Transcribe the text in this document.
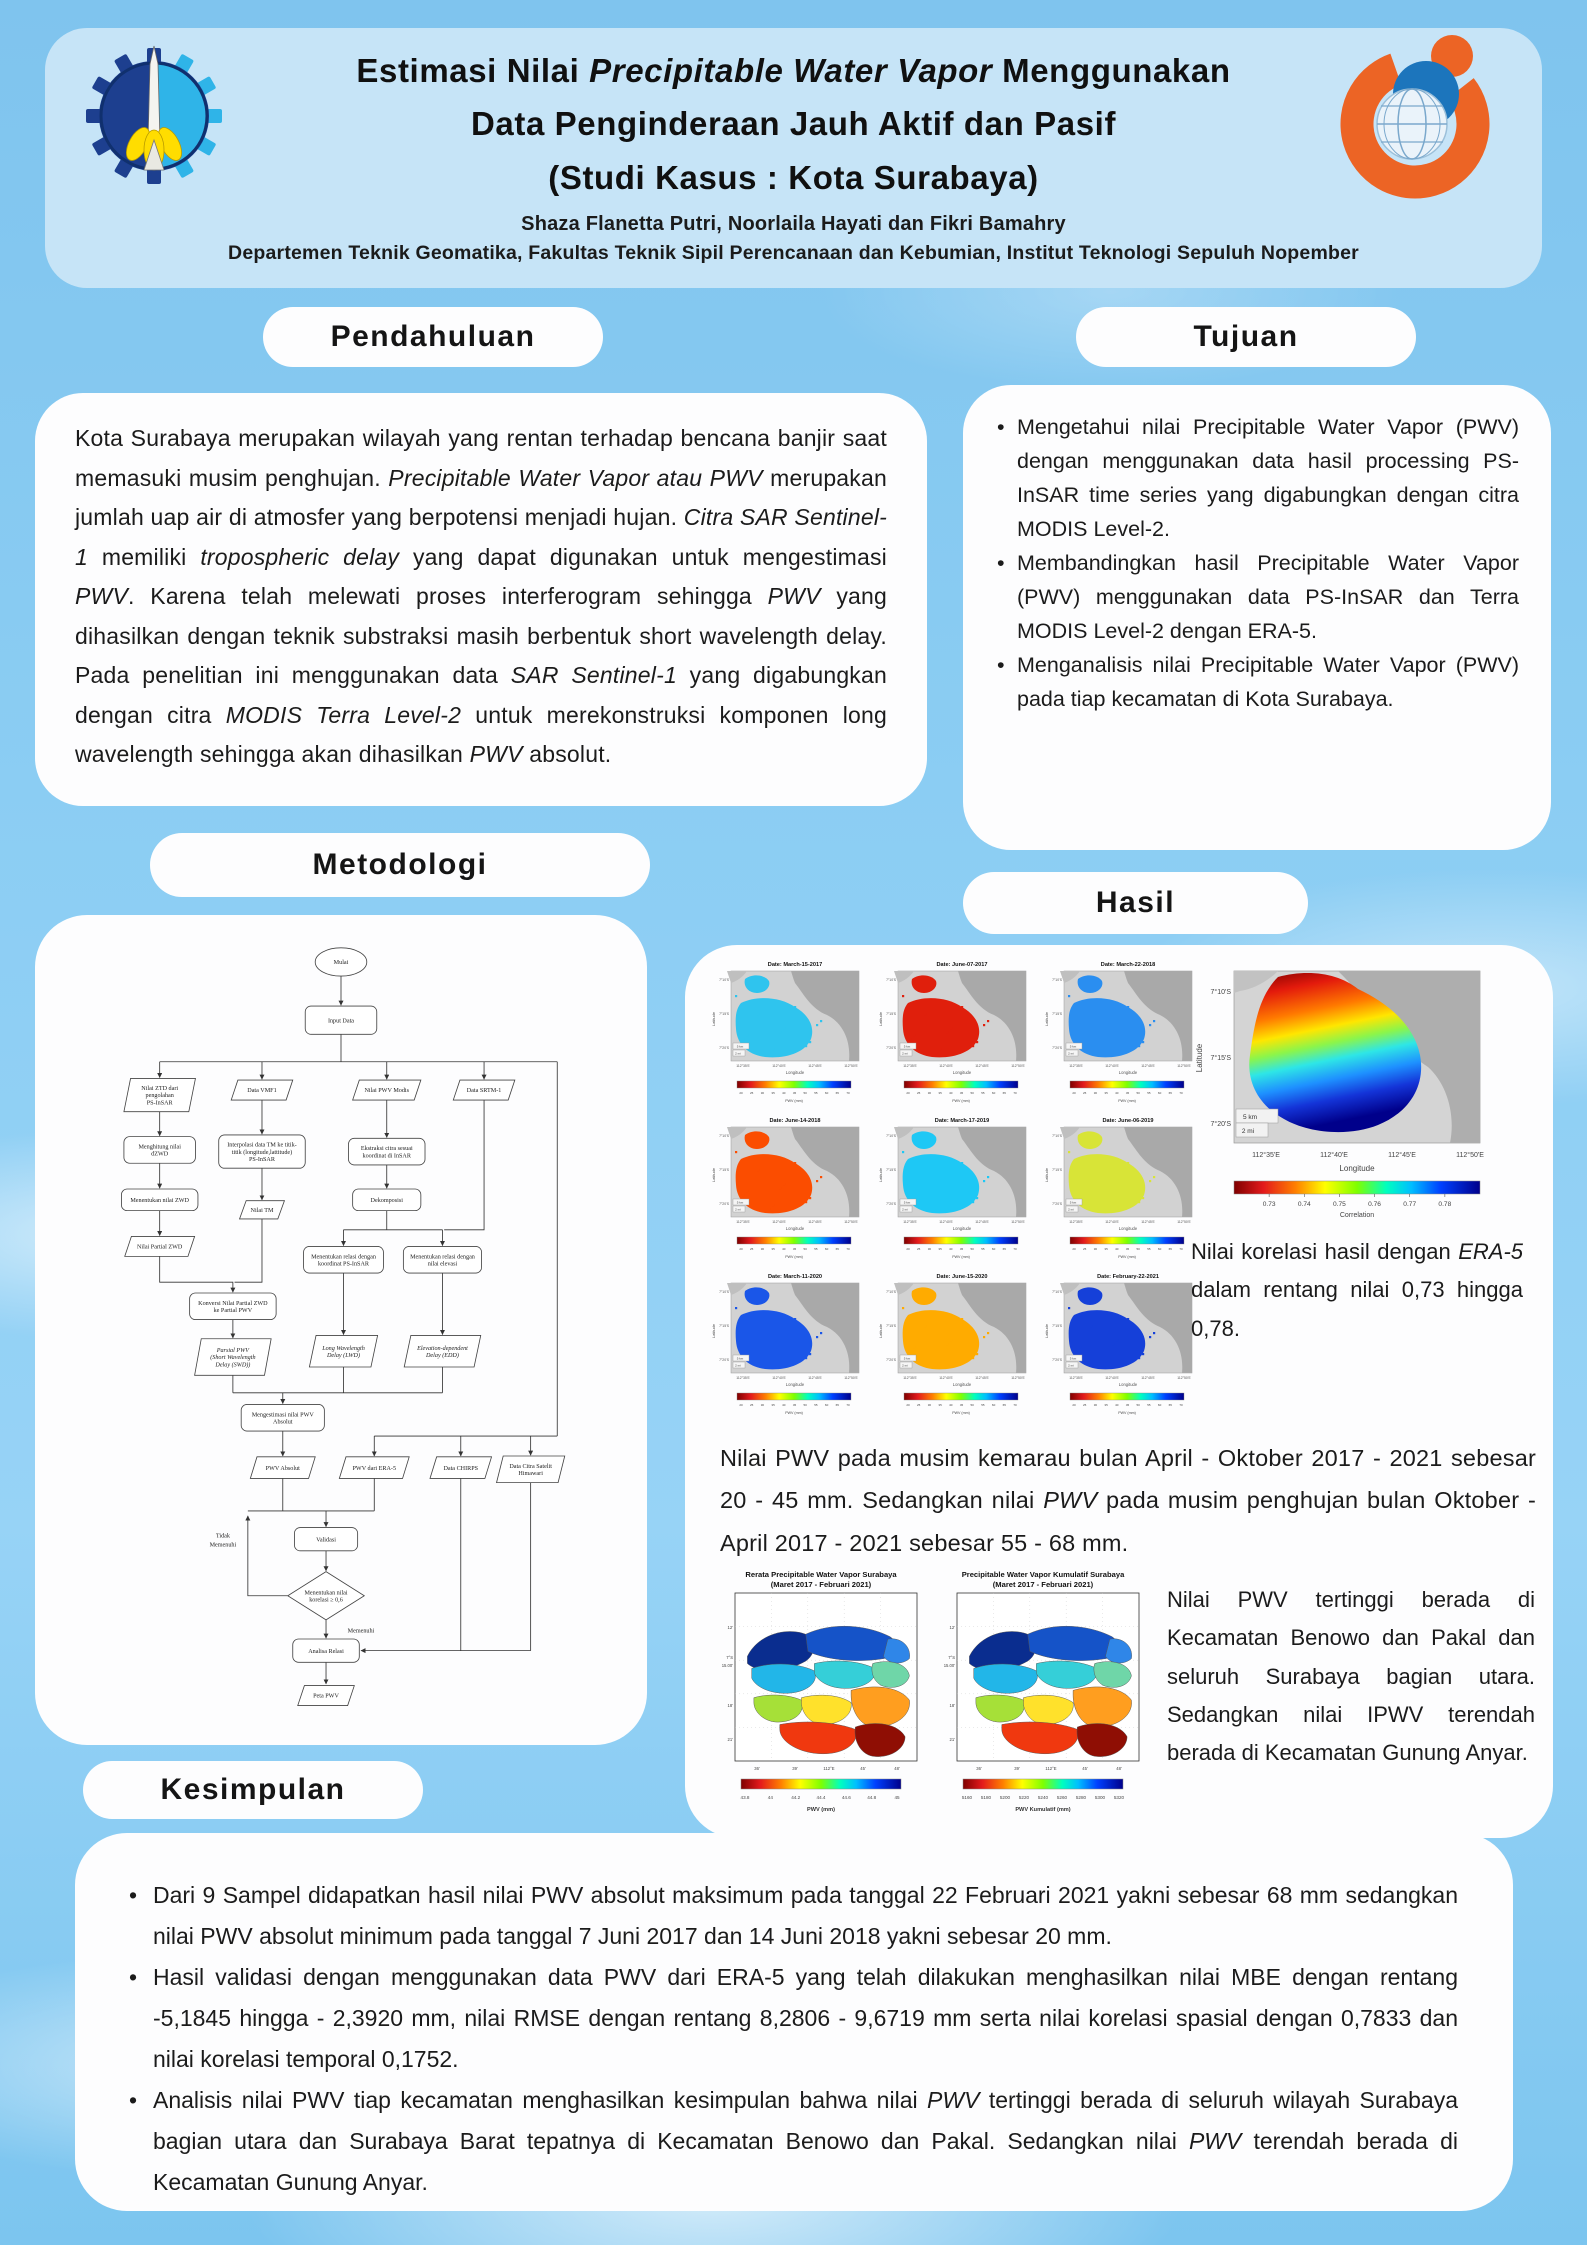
Estimasi Nilai Precipitable Water Vapor Menggunakan
Data Penginderaan Jauh Aktif dan Pasif
(Studi Kasus : Kota Surabaya)
Shaza Flanetta Putri, Noorlaila Hayati dan Fikri Bamahry
Departemen Teknik Geomatika, Fakultas Teknik Sipil Perencanaan dan Kebumian, Institut Teknologi Sepuluh Nopember
Pendahuluan	Tujuan
Kota Surabaya merupakan wilayah yang rentan terhadap bencana banjir saat memasuki musim penghujan. Precipitable Water Vapor atau PWV merupakan jumlah uap air di atmosfer yang berpotensi menjadi hujan. Citra SAR Sentinel-1 memiliki tropospheric delay yang dapat digunakan untuk mengestimasi PWV. Karena telah melewati proses interferogram sehingga PWV yang dihasilkan dengan teknik substraksi masih berbentuk short wavelength delay. Pada penelitian ini menggunakan data SAR Sentinel-1 yang digabungkan dengan citra MODIS Terra Level-2 untuk merekonstruksi komponen long wavelength sehingga akan dihasilkan PWV absolut.
• Mengetahui nilai Precipitable Water Vapor (PWV) dengan menggunakan data hasil processing PS-InSAR time series yang digabungkan dengan citra MODIS Level-2.
• Membandingkan hasil Precipitable Water Vapor (PWV) menggunakan data PS-InSAR dan Terra MODIS Level-2 dengan ERA-5.
• Menganalisis nilai Precipitable Water Vapor (PWV) pada tiap kecamatan di Kota Surabaya.
Metodologi
Mulai
Input Data
Nilai ZTD dari
pengolahan
PS-InSAR
Data VMF1	Nilai PWV Modis	Data SRTM-1
Menghitung nilai
dZWD
Menentukan nilai ZWD
Nilai Partial ZWD
Interpolasi data TM ke titik-
titik (longitude,lattitude)
PS-InSAR
Nilai TM
Ekstraksi citra sesuai
koordinat di InSAR
Dekomposisi
Menentukan relasi dengan
koordinat PS-InSAR
Menentukan relasi dengan
nilai elevasi
Konversi Nilai Partial ZWD
ke Partial PWV
Parsial PWV
(Short Wavelength
Delay (SWD))
Long Wavelength
Delay (LWD)
Elevation-dependent
Delay (EDD)
Mengestimasi nilai PWV
Absolut
PWV Absolut	PWV dari ERA-5	Data CHIRPS	Data Citra Satelit
Himawari
Validasi
Menentukan nilai
korelasi ≥ 0,6
Analisa Relasi
Peta PWV
Tidak
Memenuhi
Memenuhi
Hasil
Date: March-15-2017
7°10'S
7°15'S
7°20'S
Latitude
112°35'E	112°40'E	112°45'E	112°50'E
Longitude
5 km
2 mi
20 25 30 35 40 45 50 55 60 65 70
PWV (mm)
Date: June-07-2017
7°10'S
7°15'S
7°20'S
Latitude
112°35'E	112°40'E	112°45'E	112°50'E
Longitude
5 km
2 mi
20 25 30 35 40 45 50 55 60 65 70
PWV (mm)
Date: March-22-2018
7°10'S
7°15'S
7°20'S
Latitude
112°35'E	112°40'E	112°45'E	112°50'E
Longitude
5 km
2 mi
20 25 30 35 40 45 50 55 60 65 70
PWV (mm)
Date: June-14-2018
7°10'S
7°15'S
7°20'S
Latitude
112°35'E	112°40'E	112°45'E	112°50'E
Longitude
5 km
2 mi
20 25 30 35 40 45 50 55 60 65 70
PWV (mm)
Date: March-17-2019
7°10'S
7°15'S
7°20'S
Latitude
112°35'E	112°40'E	112°45'E	112°50'E
Longitude
5 km
2 mi
20 25 30 35 40 45 50 55 60 65 70
PWV (mm)
Date: June-06-2019
7°10'S
7°15'S
7°20'S
Latitude
112°35'E	112°40'E	112°45'E	112°50'E
Longitude
5 km
2 mi
20 25 30 35 40 45 50 55 60 65 70
PWV (mm)
Date: March-11-2020
7°10'S
7°15'S
7°20'S
Latitude
112°35'E	112°40'E	112°45'E	112°50'E
Longitude
5 km
2 mi
20 25 30 35 40 45 50 55 60 65 70
PWV (mm)
Date: June-15-2020
7°10'S
7°15'S
7°20'S
Latitude
112°35'E	112°40'E	112°45'E	112°50'E
Longitude
5 km
2 mi
20 25 30 35 40 45 50 55 60 65 70
PWV (mm)
Date: February-22-2021
7°10'S
7°15'S
7°20'S
Latitude
112°35'E	112°40'E	112°45'E	112°50'E
Longitude
5 km
2 mi
20 25 30 35 40 45 50 55 60 65 70
PWV (mm)
7°10'S
7°15'S
7°20'S
Latitude
112°35'E	112°40'E	112°45'E	112°50'E
Longitude
5 km
2 mi
0.73	0.74	0.75	0.76	0.77	0.78
Correlation
Nilai korelasi hasil dengan ERA-5 dalam rentang nilai 0,73 hingga 0,78.
Nilai PWV pada musim kemarau bulan April - Oktober 2017 - 2021 sebesar 20 - 45 mm. Sedangkan nilai PWV pada musim penghujan bulan Oktober - April 2017 - 2021 sebesar 55 - 68 mm.
Rerata Precipitable Water Vapor Surabaya
(Maret 2017 - Februari 2021)
12'
7°S
15.00'
18'
21'
36'	39'	112°E	45'	48'
43.8	44	44.2	44.4	44.6	44.8	45
PWV (mm)
Precipitable Water Vapor Kumulatif Surabaya
(Maret 2017 - Februari 2021)
12'
7°S
15.00'
18'
21'
36'	39'	112°E	45'	48'
5160 5180 5200 5220 5240 5260 5280 5300 5320
PWV Kumulatif (mm)
Nilai PWV tertinggi berada di Kecamatan Benowo dan Pakal dan seluruh Surabaya bagian utara. Sedangkan nilai IPWV terendah berada di Kecamatan Gunung Anyar.
Kesimpulan
• Dari 9 Sampel didapatkan hasil nilai PWV absolut maksimum pada tanggal 22 Februari 2021 yakni sebesar 68 mm sedangkan nilai PWV absolut minimum pada tanggal 7 Juni 2017 dan 14 Juni 2018 yakni sebesar 20 mm.
• Hasil validasi dengan menggunakan data PWV dari ERA-5 yang telah dilakukan menghasilkan nilai MBE dengan rentang -5,1845 hingga - 2,3920 mm, nilai RMSE dengan rentang 8,2806 - 9,6719 mm serta nilai korelasi spasial dengan 0,7833 dan nilai korelasi temporal 0,1752.
• Analisis nilai PWV tiap kecamatan menghasilkan kesimpulan bahwa nilai PWV tertinggi berada di seluruh wilayah Surabaya bagian utara dan Surabaya Barat tepatnya di Kecamatan Benowo dan Pakal. Sedangkan nilai PWV terendah berada di Kecamatan Gunung Anyar.
